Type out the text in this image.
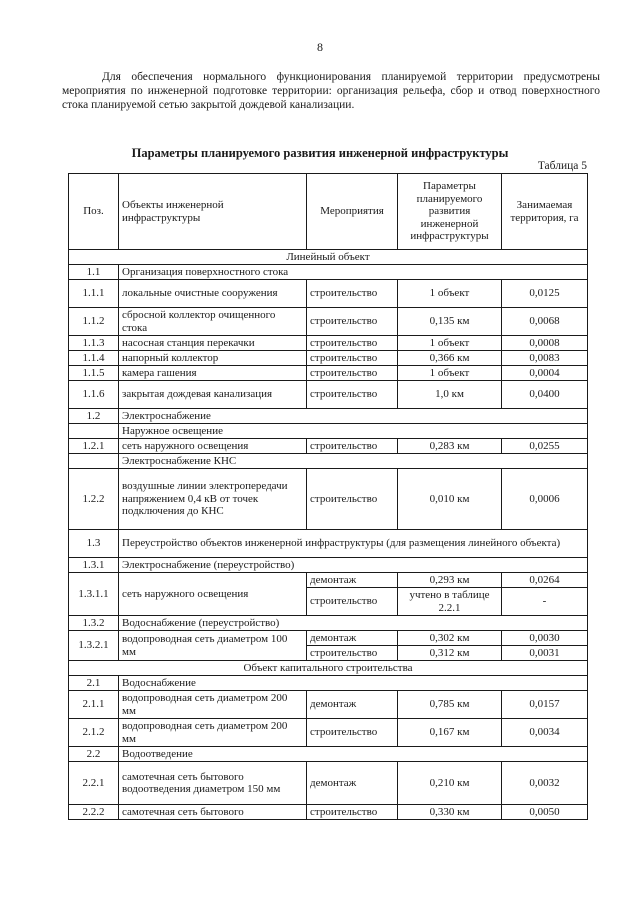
8

Для обеспечения нормального функционирования планируемой территории предусмотрены мероприятия по инженерной подготовке территории: организация рельефа, сбор и отвод поверхностного стока планируемой сетью закрытой дождевой канализации.

Параметры планируемого развития инженерной инфраструктуры
Таблица 5
Поз.	Объекты инженерной инфраструктуры	Мероприятия	Параметры планируемого развития инженерной инфраструктуры	Занимаемая территория, га
Линейный объект				
1.1	Организация поверхностного стока			
1.1.1	локальные очистные сооружения	строительство	1 объект	0,0125
1.1.2	сбросной коллектор очищенного стока	строительство	0,135 км	0,0068
1.1.3	насосная станция перекачки	строительство	1 объект	0,0008
1.1.4	напорный коллектор	строительство	0,366 км	0,0083
1.1.5	камера гашения	строительство	1 объект	0,0004
1.1.6	закрытая дождевая канализация	строительство	1,0 км	0,0400
1.2	Электроснабжение			
	Наружное освещение			
1.2.1	сеть наружного освещения	строительство	0,283 км	0,0255
	Электроснабжение КНС			
1.2.2	воздушные линии электропередачи напряжением 0,4 кВ от точек подключения до КНС	строительство	0,010 км	0,0006
1.3	Переустройство объектов инженерной инфраструктуры (для размещения линейного объекта)			
1.3.1	Электроснабжение (переустройство)			
1.3.1.1	сеть наружного освещения	демонтаж	0,293 км	0,0264
		строительство	учтено в таблице 2.2.1	-
1.3.2	Водоснабжение (переустройство)			
1.3.2.1	водопроводная сеть диаметром 100 мм	демонтаж	0,302 км	0,0030
		строительство	0,312 км	0,0031
Объект капитального строительства				
2.1	Водоснабжение			
2.1.1	водопроводная сеть диаметром 200 мм	демонтаж	0,785 км	0,0157
2.1.2	водопроводная сеть диаметром 200 мм	строительство	0,167 км	0,0034
2.2	Водоотведение			
2.2.1	самотечная сеть бытового водоотведения диаметром 150 мм	демонтаж	0,210 км	0,0032
2.2.2	самотечная сеть бытового	строительство	0,330 км	0,0050
